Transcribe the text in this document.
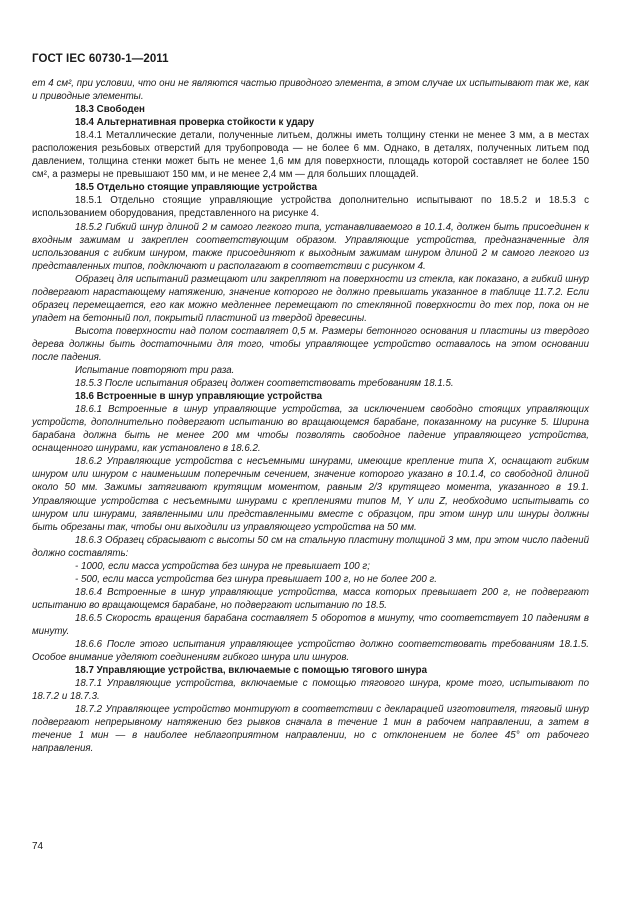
ГОСТ IEC 60730-1—2011

ет 4 см², при условии, что они не являются частью приводного элемента, в этом случае их испытывают так же, как и приводные элементы.

18.3 Свободен

18.4 Альтернативная проверка стойкости к удару

18.4.1 Металлические детали, полученные литьем, должны иметь толщину стенки не менее 3 мм, а в местах расположения резьбовых отверстий для трубопровода — не более 6 мм. Однако, в деталях, полученных литьем под давлением, толщина стенки может быть не менее 1,6 мм для поверхности, площадь которой составляет не более 150 см², а размеры не превышают 150 мм, и не менее 2,4 мм — для больших площадей.

18.5 Отдельно стоящие управляющие устройства

18.5.1 Отдельно стоящие управляющие устройства дополнительно испытывают по 18.5.2 и 18.5.3 с использованием оборудования, представленного на рисунке 4.

18.5.2 Гибкий шнур длиной 2 м самого легкого типа, устанавливаемого в 10.1.4, должен быть присоединен к входным зажимам и закреплен соответствующим образом. Управляющие устройства, предназначенные для использования с гибким шнуром, также присоединяют к выходным зажимам шнуром длиной 2 м самого легкого из представленных типов, подключают и располагают в соответствии с рисунком 4.

Образец для испытаний размещают или закрепляют на поверхности из стекла, как показано, а гибкий шнур подвергают нарастающему натяжению, значение которого не должно превышать указанное в таблице 11.7.2. Если образец перемещается, его как можно медленнее перемещают по стеклянной поверхности до тех пор, пока он не упадет на бетонный пол, покрытый пластиной из твердой древесины.

Высота поверхности над полом составляет 0,5 м. Размеры бетонного основания и пластины из твердого дерева должны быть достаточными для того, чтобы управляющее устройство оставалось на этом основании после падения.

Испытание повторяют три раза.

18.5.3 После испытания образец должен соответствовать требованиям 18.1.5.

18.6 Встроенные в шнур управляющие устройства

18.6.1 Встроенные в шнур управляющие устройства, за исключением свободно стоящих управляющих устройств, дополнительно подвергают испытанию во вращающемся барабане, показанному на рисунке 5. Ширина барабана должна быть не менее 200 мм чтобы позволять свободное падение управляющего устройства, оснащенного шнурами, как установлено в 18.6.2.

18.6.2 Управляющие устройства с несъемными шнурами, имеющие крепление типа X, оснащают гибким шнуром или шнуром с наименьшим поперечным сечением, значение которого указано в 10.1.4, со свободной длиной около 50 мм. Зажимы затягивают крутящим моментом, равным 2/3 крутящего момента, указанного в 19.1. Управляющие устройства с несъемными шнурами с креплениями типов M, Y или Z, необходимо испытывать со шнуром или шнурами, заявленными или представленными вместе с образцом, при этом шнур или шнуры должны быть обрезаны так, чтобы они выходили из управляющего устройства на 50 мм.

18.6.3 Образец сбрасывают с высоты 50 см на стальную пластину толщиной 3 мм, при этом число падений должно составлять:

- 1000, если масса устройства без шнура не превышает 100 г;

- 500, если масса устройства без шнура превышает 100 г, но не более 200 г.

18.6.4 Встроенные в шнур управляющие устройства, масса которых превышает 200 г, не подвергают испытанию во вращающемся барабане, но подвергают испытанию по 18.5.

18.6.5 Скорость вращения барабана составляет 5 оборотов в минуту, что соответствует 10 падениям в минуту.

18.6.6 После этого испытания управляющее устройство должно соответствовать требованиям 18.1.5. Особое внимание уделяют соединениям гибкого шнура или шнуров.

18.7 Управляющие устройства, включаемые с помощью тягового шнура

18.7.1 Управляющие устройства, включаемые с помощью тягового шнура, кроме того, испытывают по 18.7.2 и 18.7.3.

18.7.2 Управляющее устройство монтируют в соответствии с декларацией изготовителя, тяговый шнур подвергают непрерывному натяжению без рывков сначала в течение 1 мин в рабочем направлении, а затем в течение 1 мин — в наиболее неблагоприятном направлении, но с отклонением не более 45° от рабочего направления.

74
